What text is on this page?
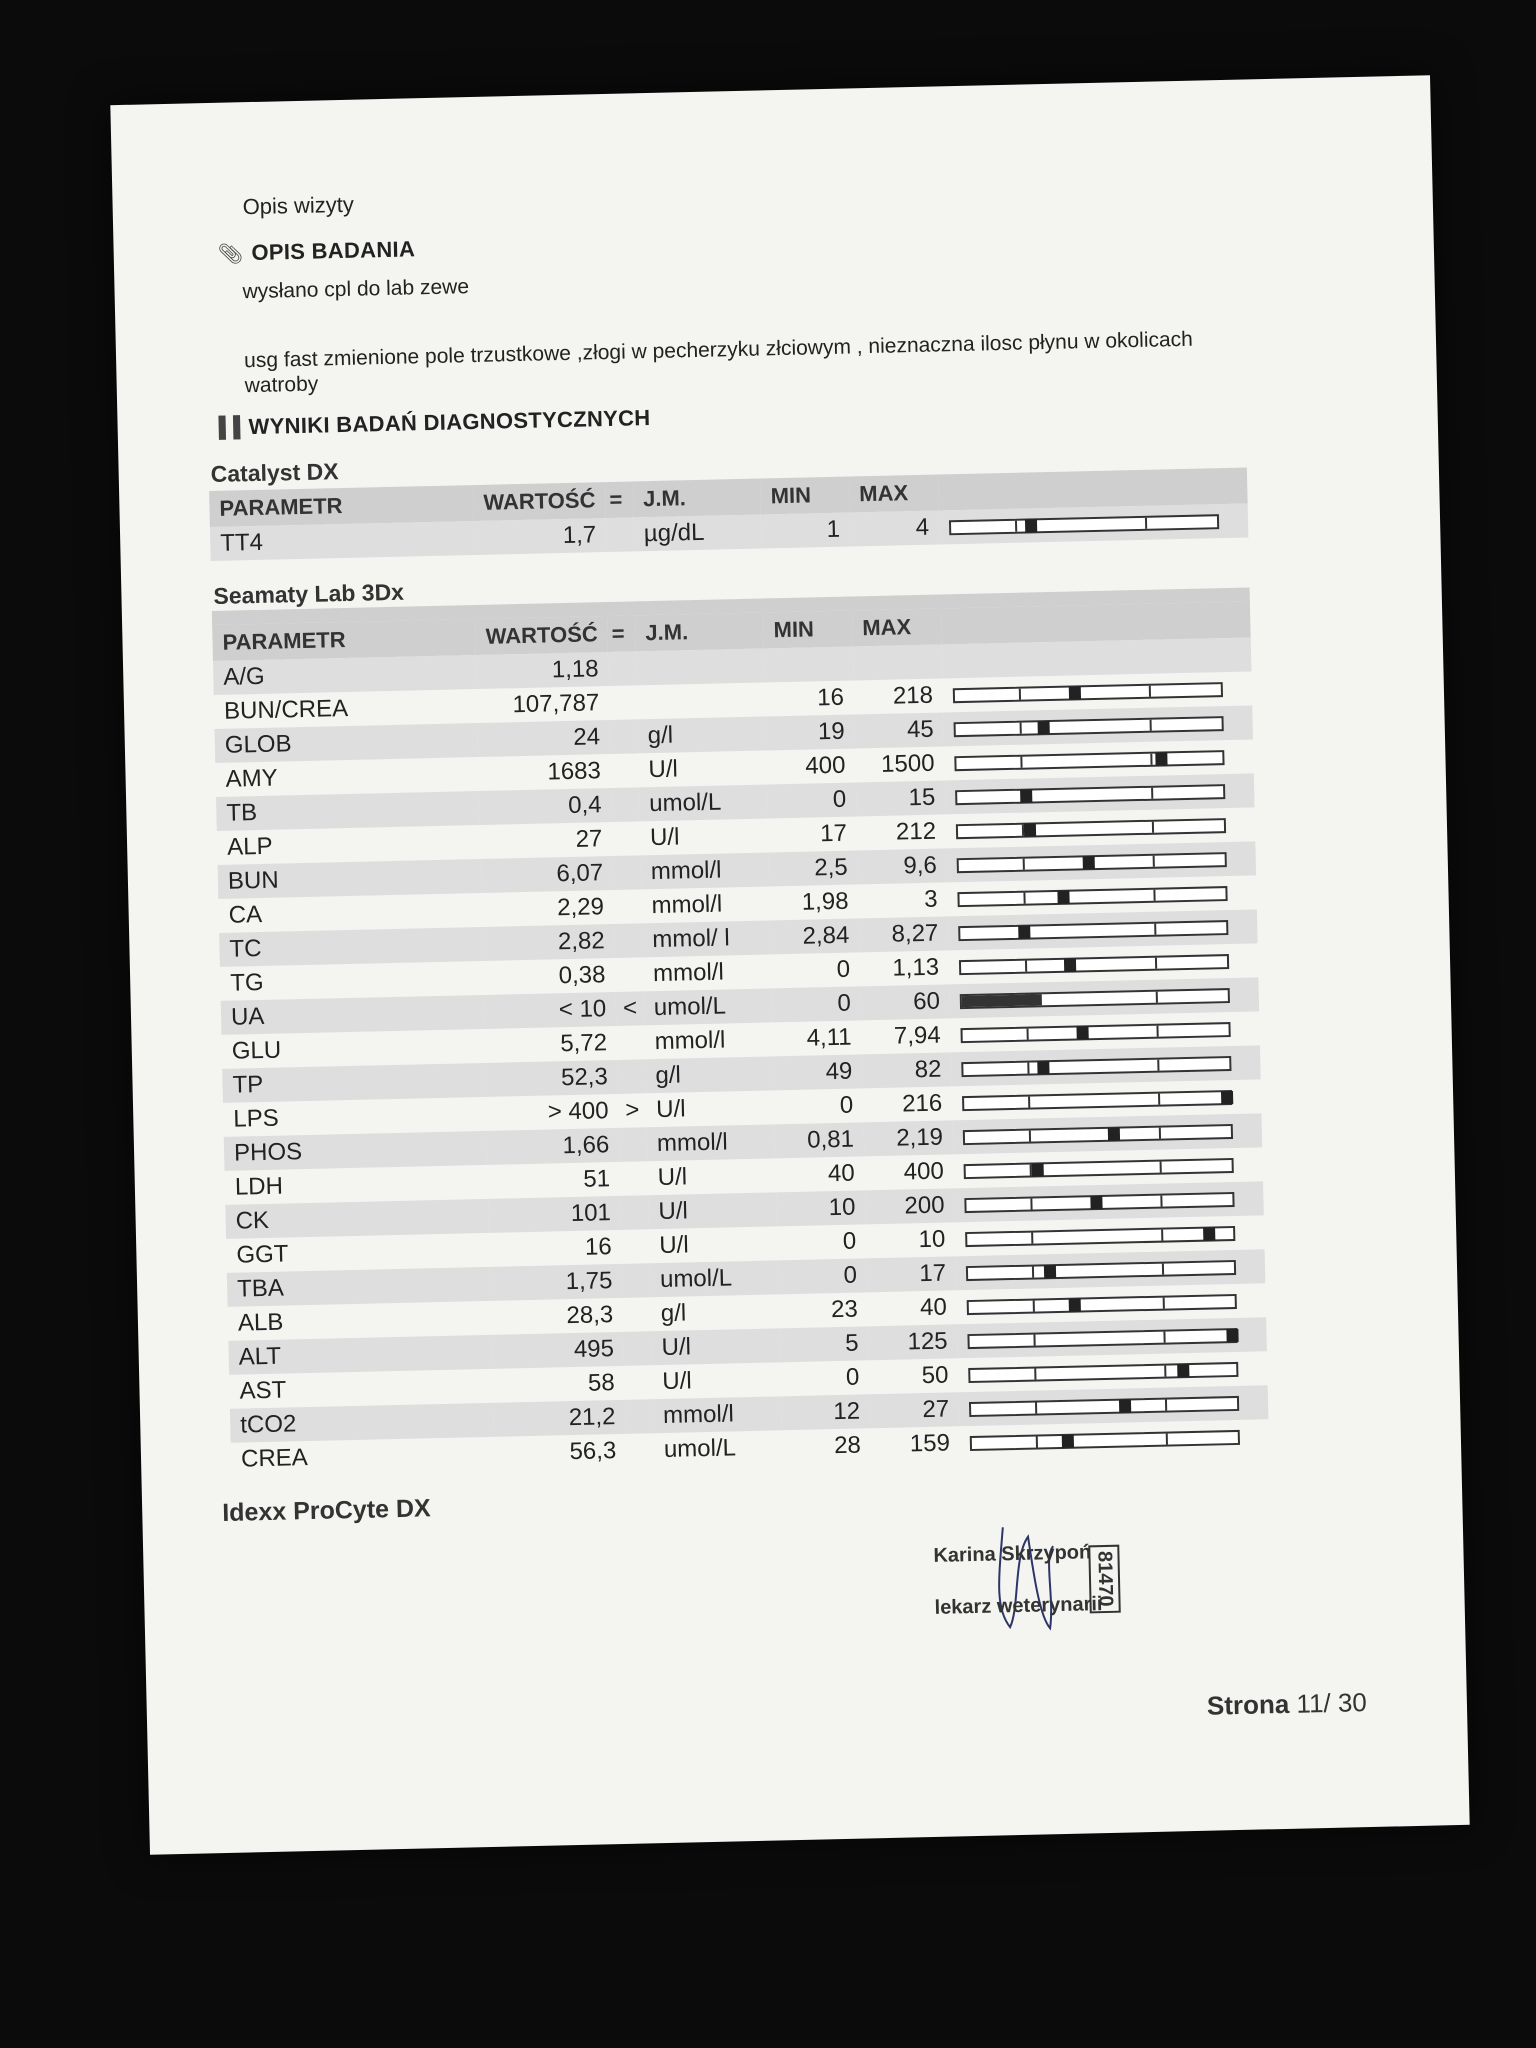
Opis wizyty
📎︎ OPIS BADANIA
wysłano cpl do lab zewe
usg fast zmienione pole trzustkowe ,złogi w pecherzyku złciowym , nieznaczna ilosc płynu w okolicach watroby
▐▐ WYNIKI BADAŃ DIAGNOSTYCZNYCH
Catalyst DX
PARAMETR	WARTOŚĆ	=	J.M.	MIN	MAX	
TT4	1,7		µg/dL	1	4	
Seamaty Lab 3Dx

PARAMETR	WARTOŚĆ	=	J.M.	MIN	MAX	
A/G	1,18					
BUN/CREA	107,787			16	218	

GLOB	24		g/l	19	45	

AMY	1683		U/l	400	1500	

TB	0,4		umol/L	0	15	

ALP	27		U/l	17	212	

BUN	6,07		mmol/l	2,5	9,6	

CA	2,29		mmol/l	1,98	3	

TC	2,82		mmol/ l	2,84	8,27	

TG	0,38		mmol/l	0	1,13	

UA	< 10	<	umol/L	0	60	

GLU	5,72		mmol/l	4,11	7,94	

TP	52,3		g/l	49	82	

LPS	> 400	>	U/l	0	216	

PHOS	1,66		mmol/l	0,81	2,19	

LDH	51		U/l	40	400	

CK	101		U/l	10	200	

GGT	16		U/l	0	10	

TBA	1,75		umol/L	0	17	

ALB	28,3		g/l	23	40	

ALT	495		U/l	5	125	

AST	58		U/l	0	50	

tCO2	21,2		mmol/l	12	27	

CREA	56,3		umol/L	28	159	
Idexx ProCyte DX
Karina Skrzypoń
lekarz weterynarii
81470
Strona 11/ 30
